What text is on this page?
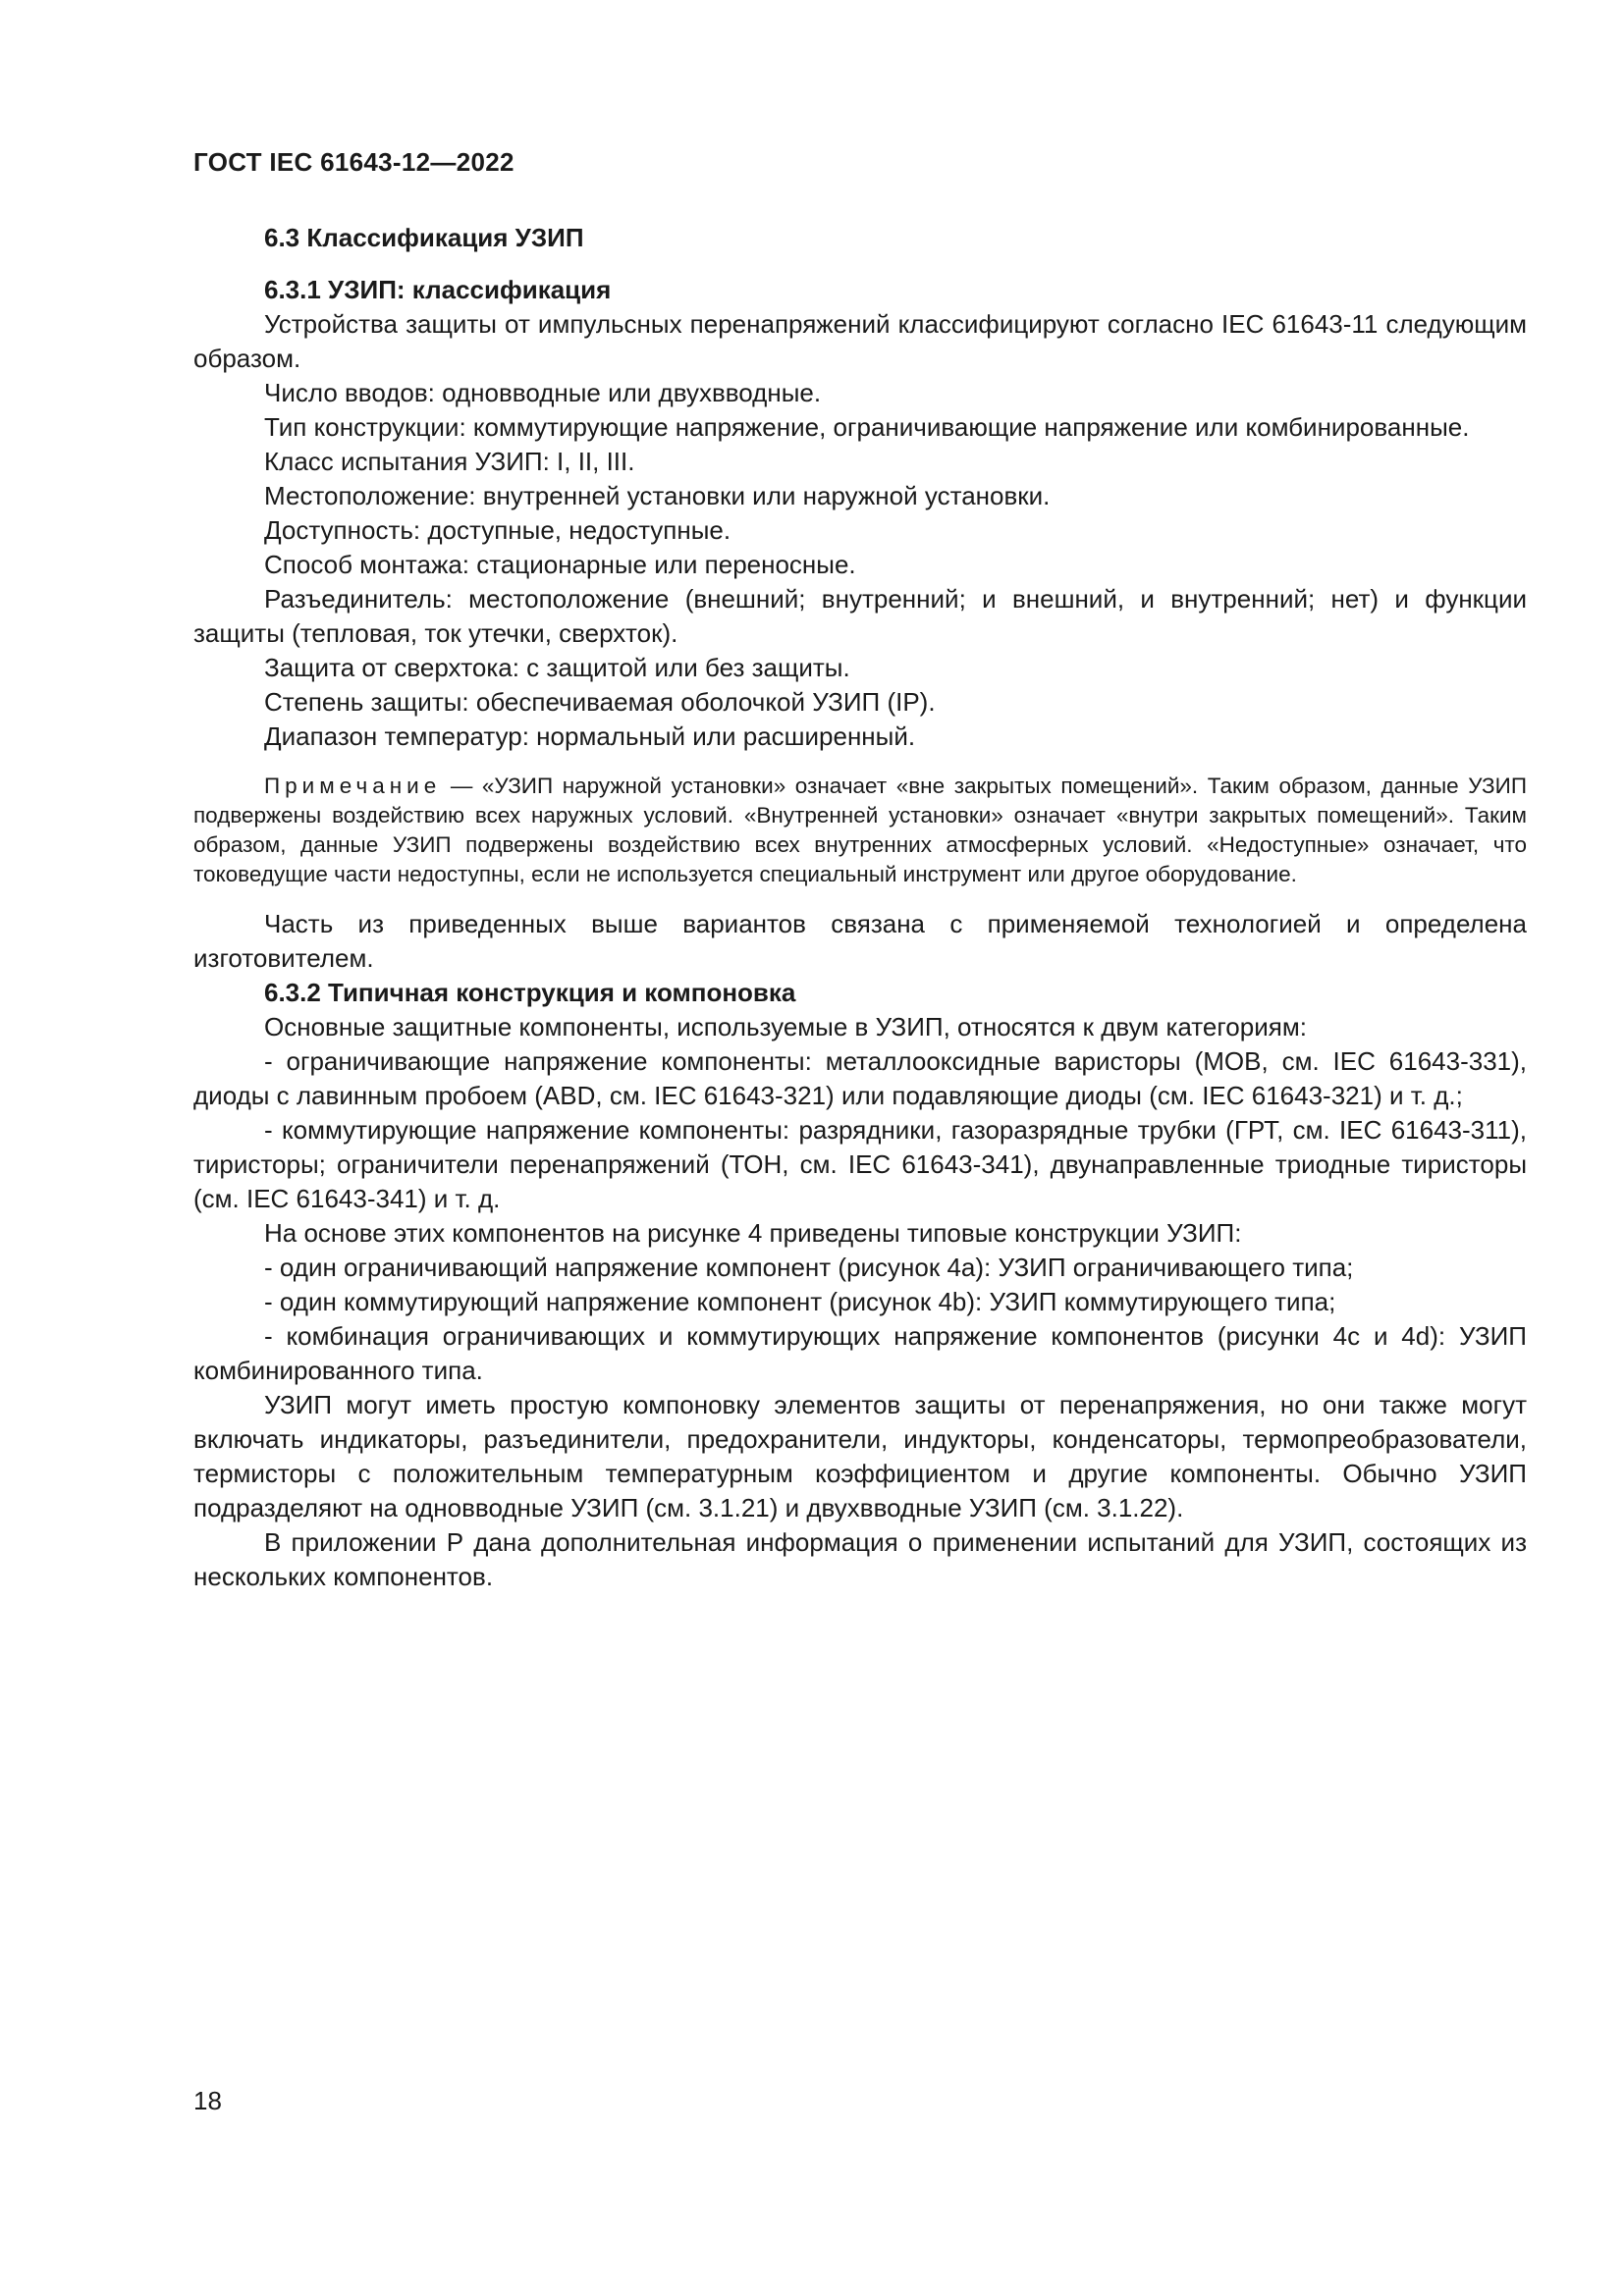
ГОСТ IEC 61643-12—2022

6.3 Классификация УЗИП

6.3.1 УЗИП: классификация

Устройства защиты от импульсных перенапряжений классифицируют согласно IEC 61643-11 следующим образом.

Число вводов: одновводные или двухвводные.

Тип конструкции: коммутирующие напряжение, ограничивающие напряжение или комбинированные.

Класс испытания УЗИП: I, II, III.

Местоположение: внутренней установки или наружной установки.

Доступность: доступные, недоступные.

Способ монтажа: стационарные или переносные.

Разъединитель: местоположение (внешний; внутренний; и внешний, и внутренний; нет) и функции защиты (тепловая, ток утечки, сверхток).

Защита от сверхтока: с защитой или без защиты.

Степень защиты: обеспечиваемая оболочкой УЗИП (IP).

Диапазон температур: нормальный или расширенный.

Примечание — «УЗИП наружной установки» означает «вне закрытых помещений». Таким образом, данные УЗИП подвержены воздействию всех наружных условий. «Внутренней установки» означает «внутри закрытых помещений». Таким образом, данные УЗИП подвержены воздействию всех внутренних атмосферных условий. «Недоступные» означает, что токоведущие части недоступны, если не используется специальный инструмент или другое оборудование.

Часть из приведенных выше вариантов связана с применяемой технологией и определена изготовителем.

6.3.2 Типичная конструкция и компоновка

Основные защитные компоненты, используемые в УЗИП, относятся к двум категориям:

- ограничивающие напряжение компоненты: металлооксидные варисторы (МОВ, см. IEC 61643-331), диоды с лавинным пробоем (ABD, см. IEC 61643-321) или подавляющие диоды (см. IEC 61643-321) и т. д.;

- коммутирующие напряжение компоненты: разрядники, газоразрядные трубки (ГРТ, см. IEC 61643-311), тиристоры; ограничители перенапряжений (ТОН, см. IEC 61643-341), двунаправленные триодные тиристоры (см. IEC 61643-341) и т. д.

На основе этих компонентов на рисунке 4 приведены типовые конструкции УЗИП:

- один ограничивающий напряжение компонент (рисунок 4a): УЗИП ограничивающего типа;

- один коммутирующий напряжение компонент (рисунок 4b): УЗИП коммутирующего типа;

- комбинация ограничивающих и коммутирующих напряжение компонентов (рисунки 4c и 4d): УЗИП комбинированного типа.

УЗИП могут иметь простую компоновку элементов защиты от перенапряжения, но они также могут включать индикаторы, разъединители, предохранители, индукторы, конденсаторы, термопреобразователи, термисторы с положительным температурным коэффициентом и другие компоненты. Обычно УЗИП подразделяют на одновводные УЗИП (см. 3.1.21) и двухвводные УЗИП (см. 3.1.22).

В приложении Р дана дополнительная информация о применении испытаний для УЗИП, состоящих из нескольких компонентов.

18
